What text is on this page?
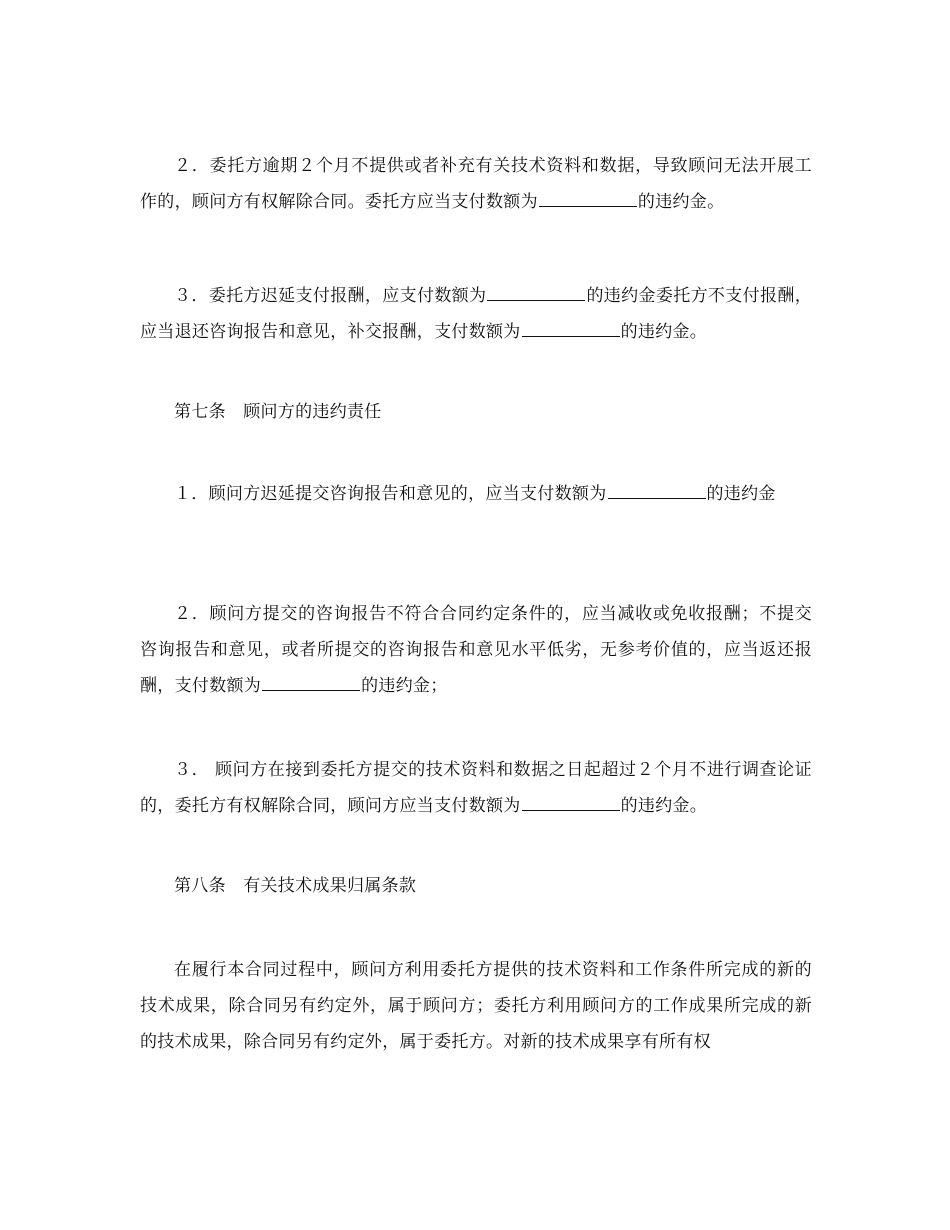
２．委托方逾期２个月不提供或者补充有关技术资料和数据，导致顾问无法开展工作的，顾问方有权解除合同。委托方应当支付数额为	的违约金。

３．委托方迟延支付报酬，应支付数额为	的违约金委托方不支付报酬，应当退还咨询报告和意见，补交报酬，支付数额为	的违约金。

第七条　顾问方的违约责任

１．顾问方迟延提交咨询报告和意见的，应当支付数额为	的违约金

２．顾问方提交的咨询报告不符合合同约定条件的，应当减收或免收报酬；不提交咨询报告和意见，或者所提交的咨询报告和意见水平低劣，无参考价值的，应当返还报酬，支付数额为	的违约金；

３． 顾问方在接到委托方提交的技术资料和数据之日起超过２个月不进行调查论证的，委托方有权解除合同，顾问方应当支付数额为	的违约金。

第八条　有关技术成果归属条款

在履行本合同过程中，顾问方利用委托方提供的技术资料和工作条件所完成的新的技术成果，除合同另有约定外，属于顾问方；委托方利用顾问方的工作成果所完成的新的技术成果，除合同另有约定外，属于委托方。对新的技术成果享有所有权
